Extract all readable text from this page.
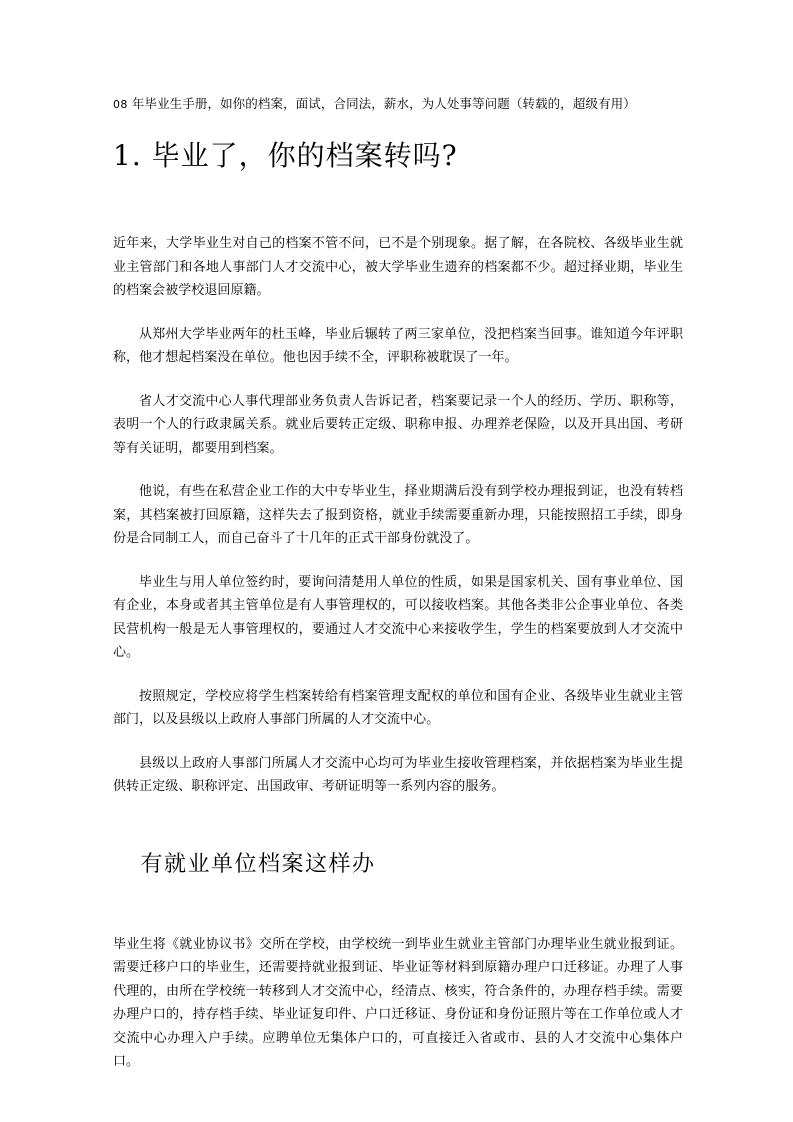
08 年毕业生手册，如你的档案，面试，合同法，薪水，为人处事等问题（转载的，超级有用）
1. 毕业了，你的档案转吗?

近年来，大学毕业生对自己的档案不管不问，已不是个别现象。据了解，在各院校、各级毕业生就业主管部门和各地人事部门人才交流中心，被大学毕业生遗弃的档案都不少。超过择业期，毕业生的档案会被学校退回原籍。

从郑州大学毕业两年的杜玉峰，毕业后辗转了两三家单位，没把档案当回事。谁知道今年评职称，他才想起档案没在单位。他也因手续不全，评职称被耽误了一年。

省人才交流中心人事代理部业务负责人告诉记者，档案要记录一个人的经历、学历、职称等，表明一个人的行政隶属关系。就业后要转正定级、职称申报、办理养老保险，以及开具出国、考研等有关证明，都要用到档案。

他说，有些在私营企业工作的大中专毕业生，择业期满后没有到学校办理报到证，也没有转档案，其档案被打回原籍，这样失去了报到资格，就业手续需要重新办理，只能按照招工手续，即身份是合同制工人，而自己奋斗了十几年的正式干部身份就没了。

毕业生与用人单位签约时，要询问清楚用人单位的性质，如果是国家机关、国有事业单位、国有企业，本身或者其主管单位是有人事管理权的，可以接收档案。其他各类非公企事业单位、各类民营机构一般是无人事管理权的，要通过人才交流中心来接收学生，学生的档案要放到人才交流中心。

按照规定，学校应将学生档案转给有档案管理支配权的单位和国有企业、各级毕业生就业主管部门，以及县级以上政府人事部门所属的人才交流中心。

县级以上政府人事部门所属人才交流中心均可为毕业生接收管理档案，并依据档案为毕业生提供转正定级、职称评定、出国政审、考研证明等一系列内容的服务。

有就业单位档案这样办

毕业生将《就业协议书》交所在学校，由学校统一到毕业生就业主管部门办理毕业生就业报到证。需要迁移户口的毕业生，还需要持就业报到证、毕业证等材料到原籍办理户口迁移证。办理了人事代理的，由所在学校统一转移到人才交流中心，经清点、核实，符合条件的，办理存档手续。需要办理户口的，持存档手续、毕业证复印件、户口迁移证、身份证和身份证照片等在工作单位或人才交流中心办理入户手续。应聘单位无集体户口的，可直接迁入省或市、县的人才交流中心集体户口。
